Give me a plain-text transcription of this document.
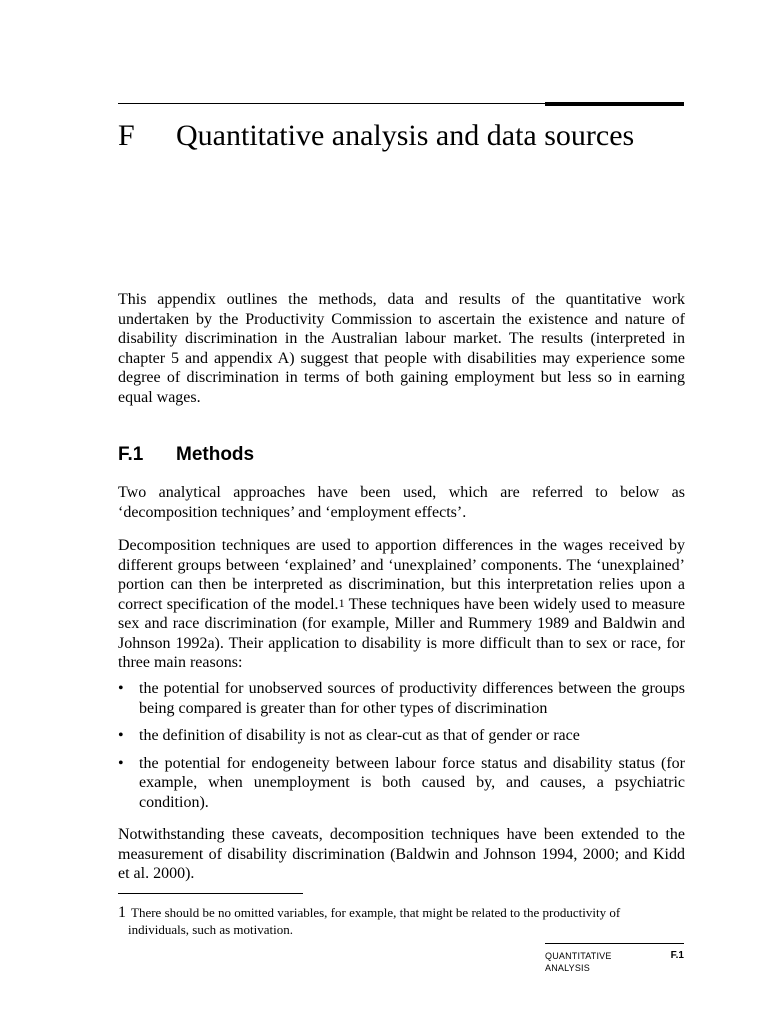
F Quantitative analysis and data sources

This appendix outlines the methods, data and results of the quantitative work undertaken by the Productivity Commission to ascertain the existence and nature of disability discrimination in the Australian labour market. The results (interpreted in chapter 5 and appendix A) suggest that people with disabilities may experience some degree of discrimination in terms of both gaining employment but less so in earning equal wages.

F.1 Methods

Two analytical approaches have been used, which are referred to below as ‘decomposition techniques’ and ‘employment effects’.

Decomposition techniques are used to apportion differences in the wages received by different groups between ‘explained’ and ‘unexplained’ components. The ‘unexplained’ portion can then be interpreted as discrimination, but this interpretation relies upon a correct specification of the model.$^1$ These techniques have been widely used to measure sex and race discrimination (for example, Miller and Rummery 1989 and Baldwin and Johnson 1992a). Their application to disability is more difficult than to sex or race, for three main reasons:

• the potential for unobserved sources of productivity differences between the groups being compared is greater than for other types of discrimination
• the definition of disability is not as clear-cut as that of gender or race
• the potential for endogeneity between labour force status and disability status (for example, when unemployment is both caused by, and causes, a psychiatric condition).

Notwithstanding these caveats, decomposition techniques have been extended to the measurement of disability discrimination (Baldwin and Johnson 1994, 2000; and Kidd et al. 2000).

1 There should be no omitted variables, for example, that might be related to the productivity of
individuals, such as motivation.
QUANTITATIVE
ANALYSIS
F.1
